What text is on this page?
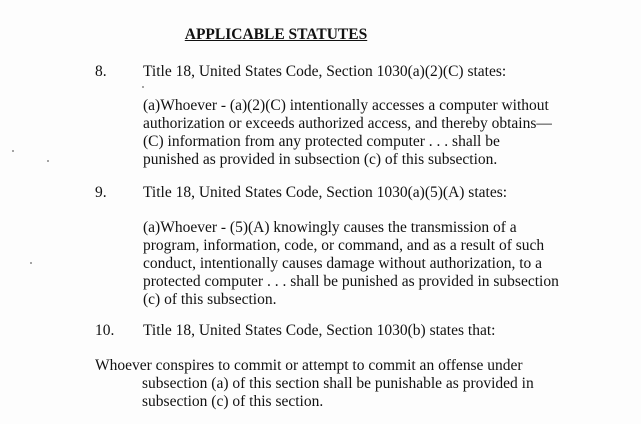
APPLICABLE STATUTES
8. Title 18, United States Code, Section 1030(a)(2)(C) states:
(a)Whoever - (a)(2)(C) intentionally accesses a computer without
authorization or exceeds authorized access, and thereby obtains—
(C) information from any protected computer . . . shall be
punished as provided in subsection (c) of this subsection.
9. Title 18, United States Code, Section 1030(a)(5)(A) states:
(a)Whoever - (5)(A) knowingly causes the transmission of a
program, information, code, or command, and as a result of such
conduct, intentionally causes damage without authorization, to a
protected computer . . . shall be punished as provided in subsection
(c) of this subsection.
10. Title 18, United States Code, Section 1030(b) states that:
Whoever conspires to commit or attempt to commit an offense under
subsection (a) of this section shall be punishable as provided in
subsection (c) of this section.
